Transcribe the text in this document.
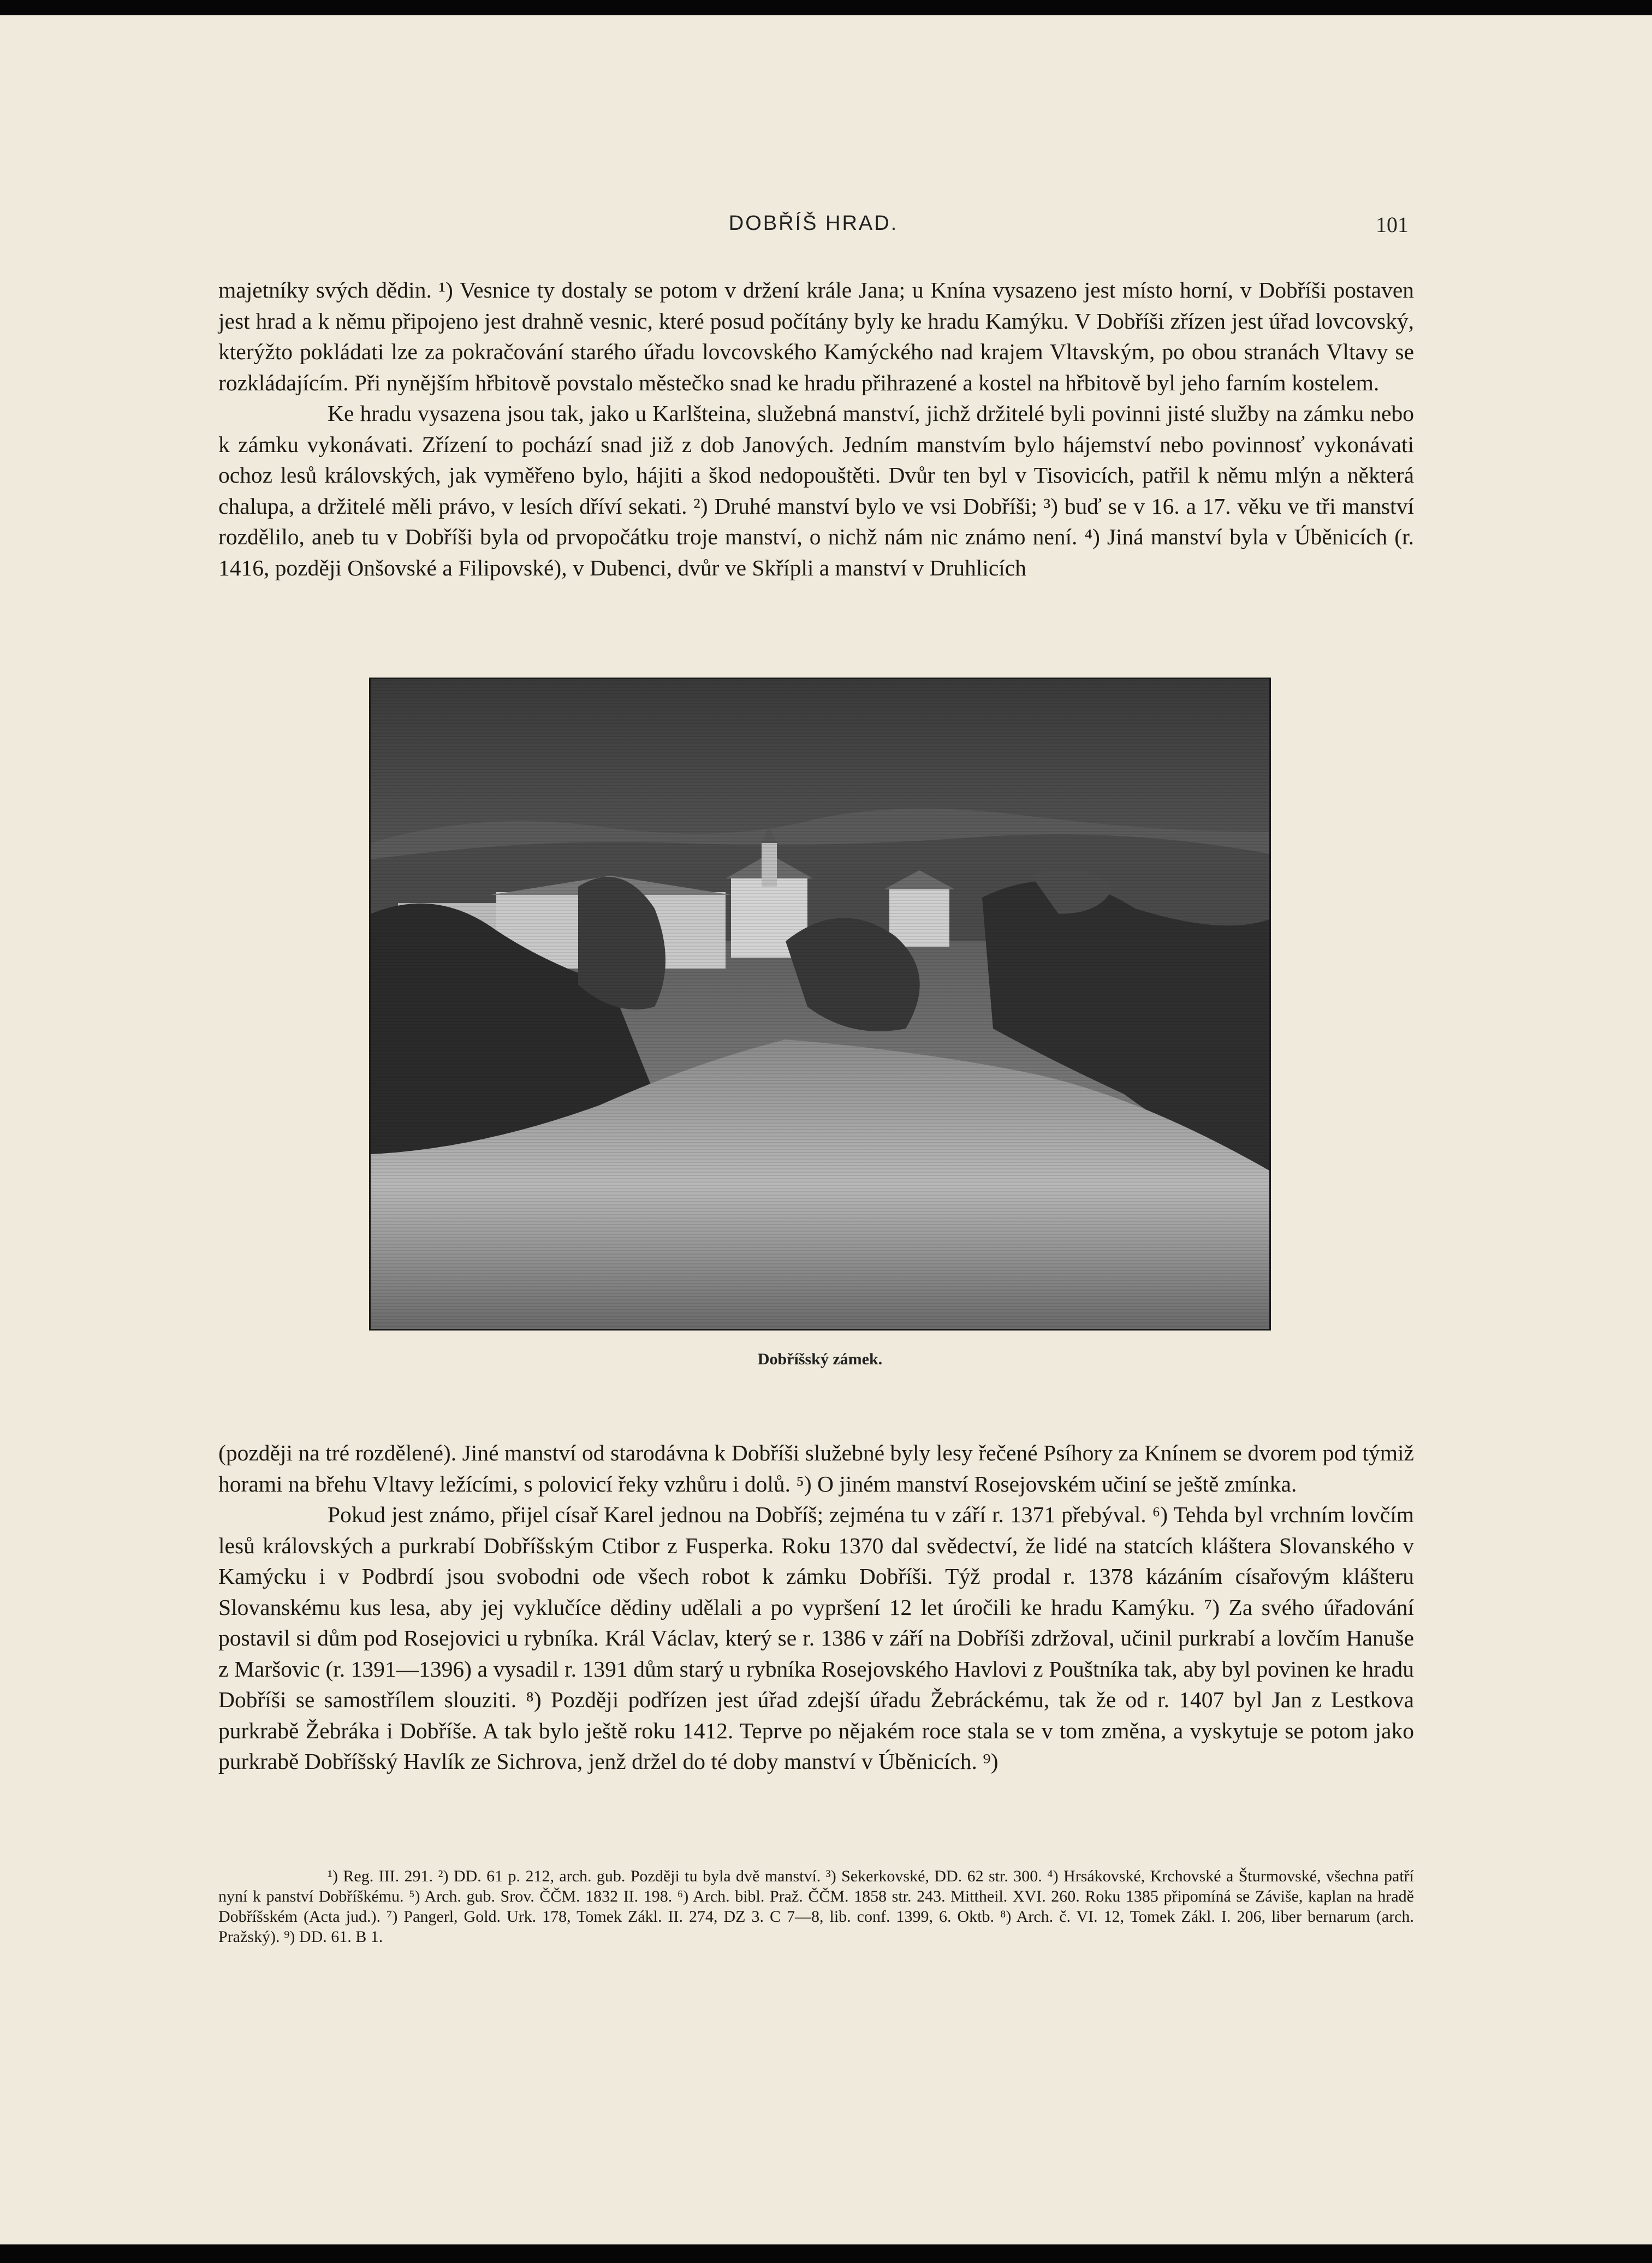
DOBŘÍŠ HRAD.	101

majetníky svých dědin. ¹) Vesnice ty dostaly se potom v držení krále Jana; u Knína vysazeno jest místo horní, v Dobříši postaven jest hrad a k němu připojeno jest drahně vesnic, které posud počítány byly ke hradu Kamýku. V Dobříši zřízen jest úřad lovcovský, kterýžto pokládati lze za pokračování starého úřadu lovcovského Kamýckého nad krajem Vltavským, po obou stranách Vltavy se rozkládajícím. Při nynějším hřbitově povstalo městečko snad ke hradu přihrazené a kostel na hřbitově byl jeho farním kostelem.

Ke hradu vysazena jsou tak, jako u Karlšteina, služebná manství, jichž držitelé byli povinni jisté služby na zámku nebo k zámku vykonávati. Zřízení to pochází snad již z dob Janových. Jedním manstvím bylo hájemství nebo povinnosť vykonávati ochoz lesů královských, jak vyměřeno bylo, hájiti a škod nedopouštěti. Dvůr ten byl v Tisovicích, patřil k němu mlýn a některá chalupa, a držitelé měli právo, v lesích dříví sekati. ²) Druhé manství bylo ve vsi Dobříši; ³) buď se v 16. a 17. věku ve tři manství rozdělilo, aneb tu v Dobříši byla od prvopočátku troje manství, o nichž nám nic známo není. ⁴) Jiná manství byla v Úběnicích (r. 1416, později Onšovské a Filipovské), v Dubenci, dvůr ve Skřípli a manství v Druhlicích

Dobříšský zámek.

(později na tré rozdělené). Jiné manství od starodávna k Dobříši služebné byly lesy řečené Psíhory za Knínem se dvorem pod týmiž horami na břehu Vltavy ležícími, s polovicí řeky vzhůru i dolů. ⁵) O jiném manství Rosejovském učiní se ještě zmínka.

Pokud jest známo, přijel císař Karel jednou na Dobříš; zejména tu v září r. 1371 přebýval. ⁶) Tehda byl vrchním lovčím lesů královských a purkrabí Dobříšským Ctibor z Fusperka. Roku 1370 dal svědectví, že lidé na statcích kláštera Slovanského v Kamýcku i v Podbrdí jsou svobodni ode všech robot k zámku Dobříši. Týž prodal r. 1378 kázáním císařovým klášteru Slovanskému kus lesa, aby jej vyklučíce dědiny udělali a po vypršení 12 let úročili ke hradu Kamýku. ⁷) Za svého úřadování postavil si dům pod Rosejovici u rybníka. Král Václav, který se r. 1386 v září na Dobříši zdržoval, učinil purkrabí a lovčím Hanuše z Maršovic (r. 1391—1396) a vysadil r. 1391 dům starý u rybníka Rosejovského Havlovi z Pouštníka tak, aby byl povinen ke hradu Dobříši se samostřílem slouziti. ⁸) Později podřízen jest úřad zdejší úřadu Žebráckému, tak že od r. 1407 byl Jan z Lestkova purkrabě Žebráka i Dobříše. A tak bylo ještě roku 1412. Teprve po nějakém roce stala se v tom změna, a vyskytuje se potom jako purkrabě Dobříšský Havlík ze Sichrova, jenž držel do té doby manství v Úběnicích. ⁹)

¹) Reg. III. 291. ²) DD. 61 p. 212, arch. gub. Později tu byla dvě manství. ³) Sekerkovské, DD. 62 str. 300. ⁴) Hrsákovské, Krchovské a Šturmovské, všechna patří nyní k panství Dobříškému. ⁵) Arch. gub. Srov. ČČM. 1832 II. 198. ⁶) Arch. bibl. Praž. ČČM. 1858 str. 243. Mittheil. XVI. 260. Roku 1385 připomíná se Záviše, kaplan na hradě Dobříšském (Acta jud.). ⁷) Pangerl, Gold. Urk. 178, Tomek Zákl. II. 274, DZ 3. C 7—8, lib. conf. 1399, 6. Oktb. ⁸) Arch. č. VI. 12, Tomek Zákl. I. 206, liber bernarum (arch. Pražský). ⁹) DD. 61. B 1.
